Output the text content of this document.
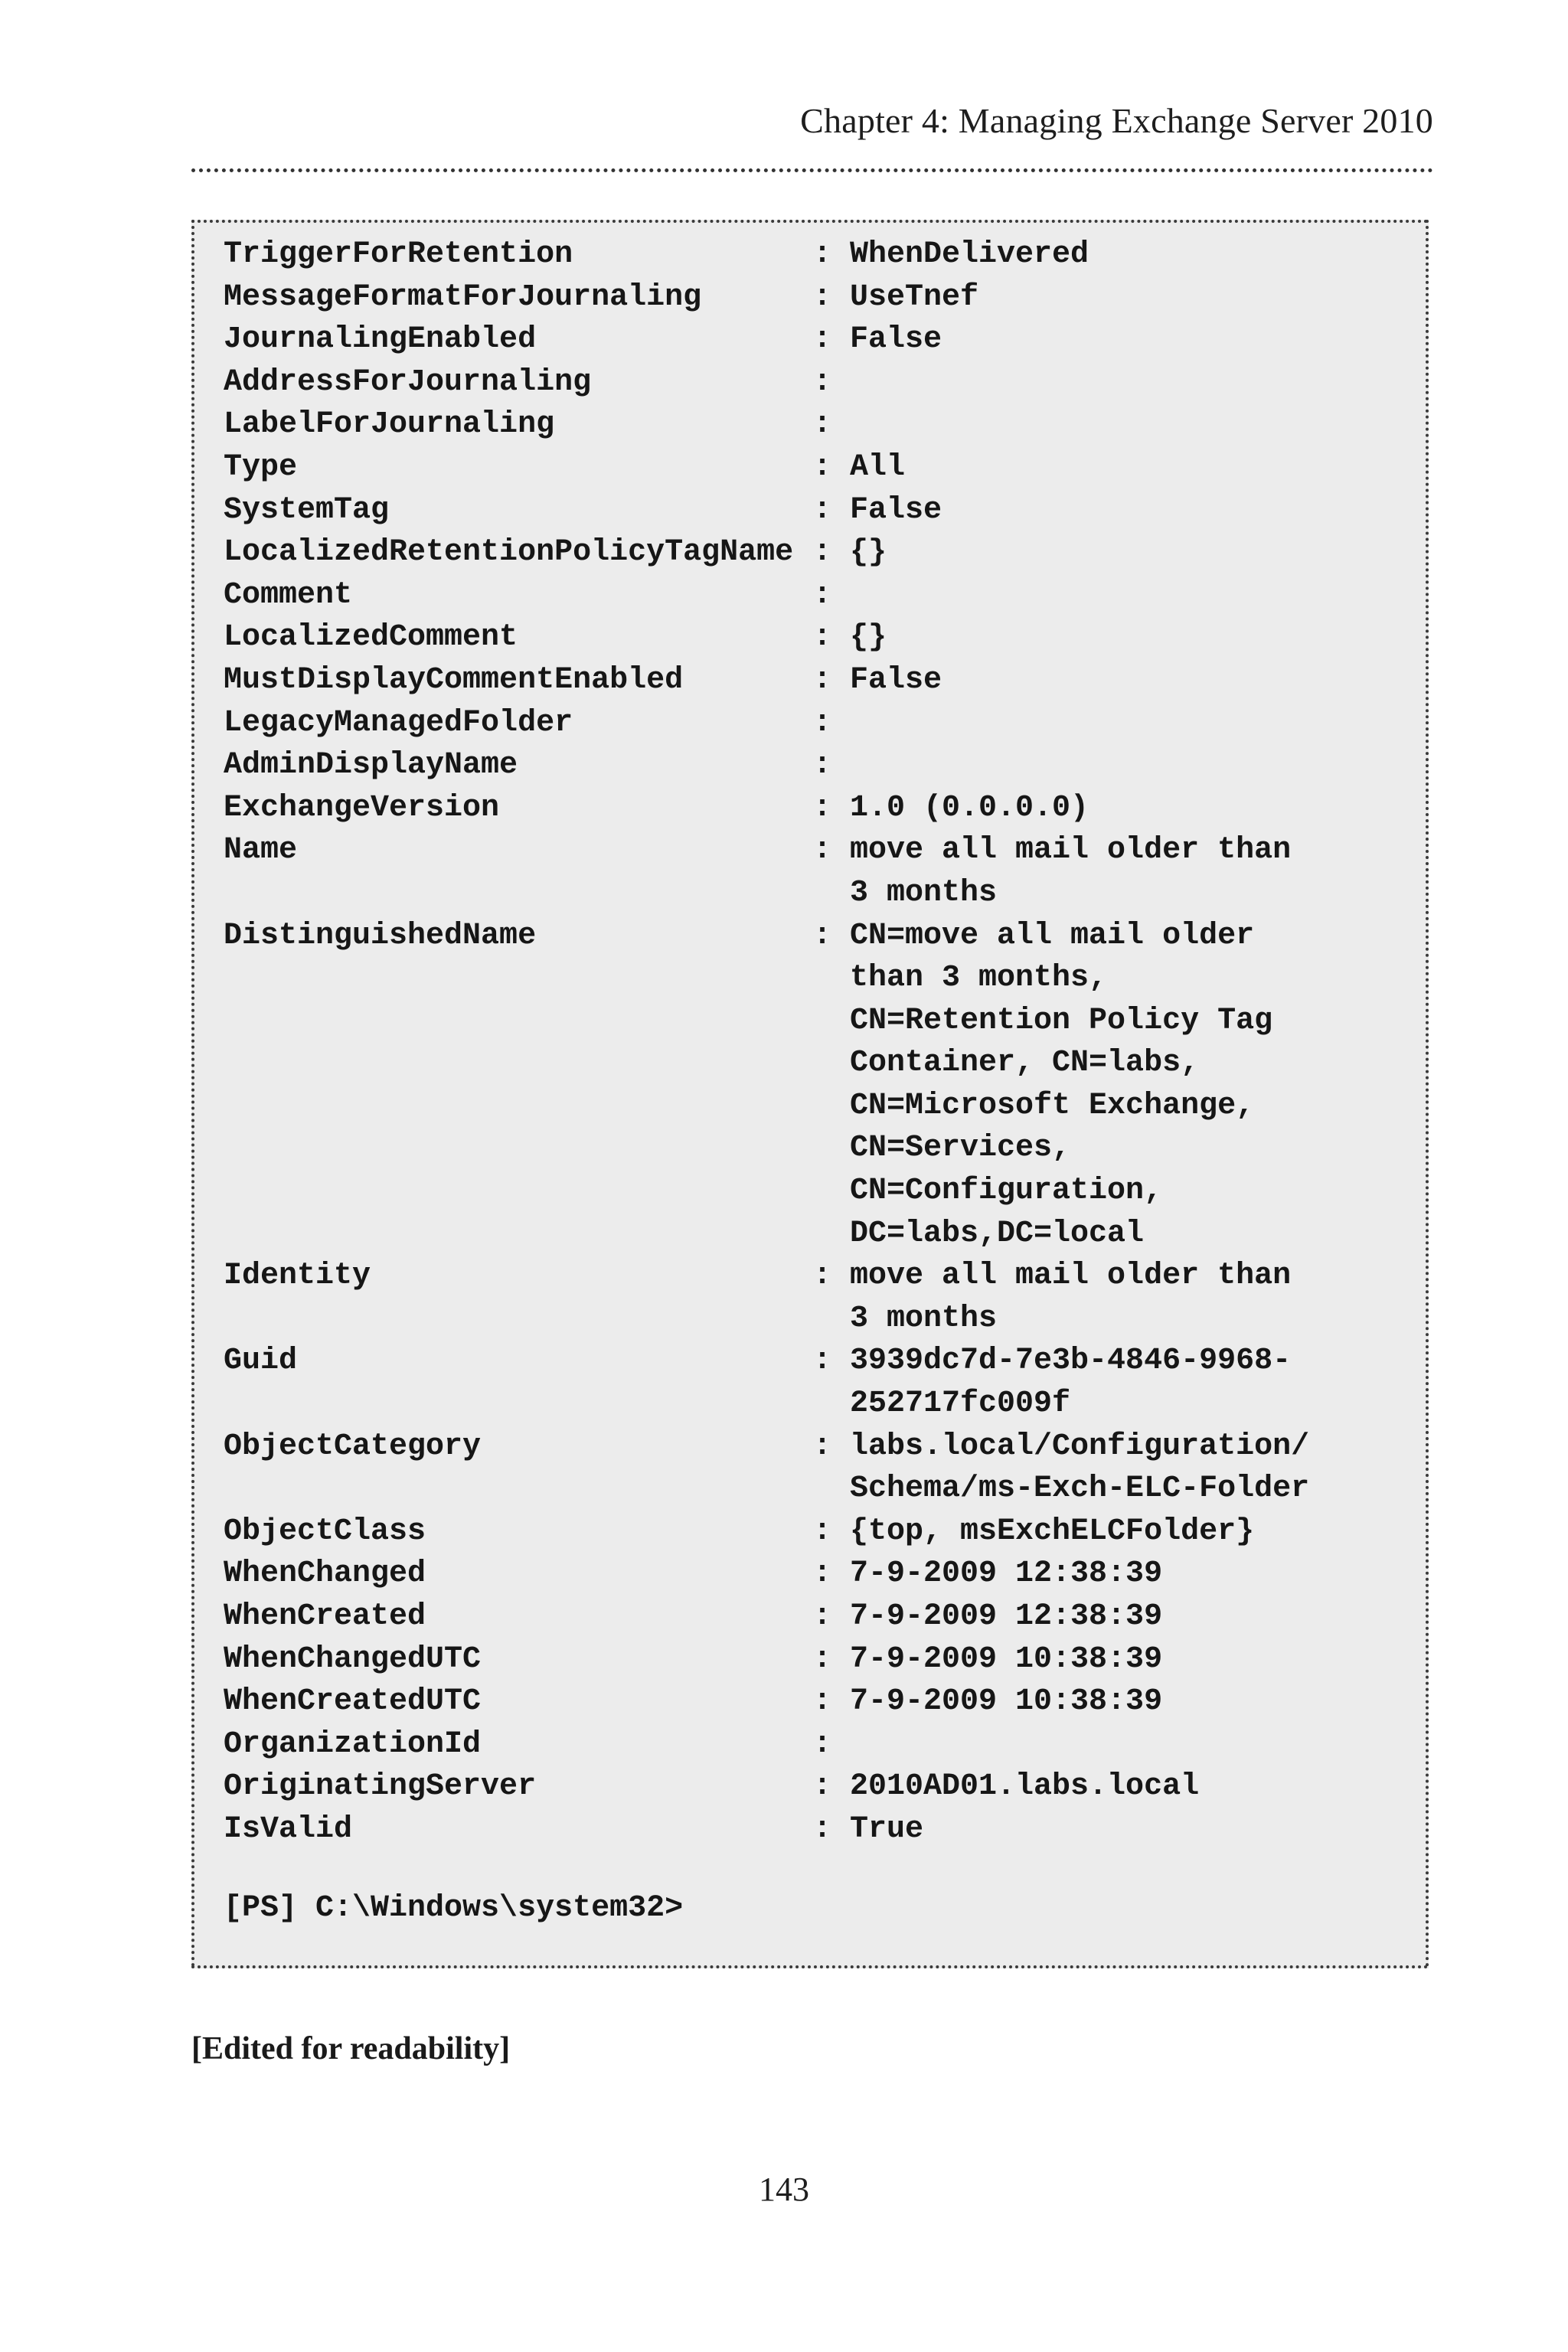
Chapter 4: Managing Exchange Server 2010
TriggerForRetention	: WhenDelivered
MessageFormatForJournaling	: UseTnef
JournalingEnabled	: False
AddressForJournaling	:
LabelForJournaling	:
Type	: All
SystemTag	: False
LocalizedRetentionPolicyTagName : {}
Comment	:
LocalizedComment	: {}
MustDisplayCommentEnabled	: False
LegacyManagedFolder	:
AdminDisplayName	:
ExchangeVersion	: 1.0 (0.0.0.0)
Name	: move all mail older than
3 months
DistinguishedName	: CN=move all mail older
than 3 months,
CN=Retention Policy Tag
Container, CN=labs,
CN=Microsoft Exchange,
CN=Services,
CN=Configuration,
DC=labs,DC=local
Identity	: move all mail older than
3 months
Guid	: 3939dc7d-7e3b-4846-9968-
252717fc009f
ObjectCategory	: labs.local/Configuration/
Schema/ms-Exch-ELC-Folder
ObjectClass	: {top, msExchELCFolder}
WhenChanged	: 7-9-2009 12:38:39
WhenCreated	: 7-9-2009 12:38:39
WhenChangedUTC	: 7-9-2009 10:38:39
WhenCreatedUTC	: 7-9-2009 10:38:39
OrganizationId	:
OriginatingServer	: 2010AD01.labs.local
IsValid	: True
[PS] C:\Windows\system32>
[Edited for readability]
143
